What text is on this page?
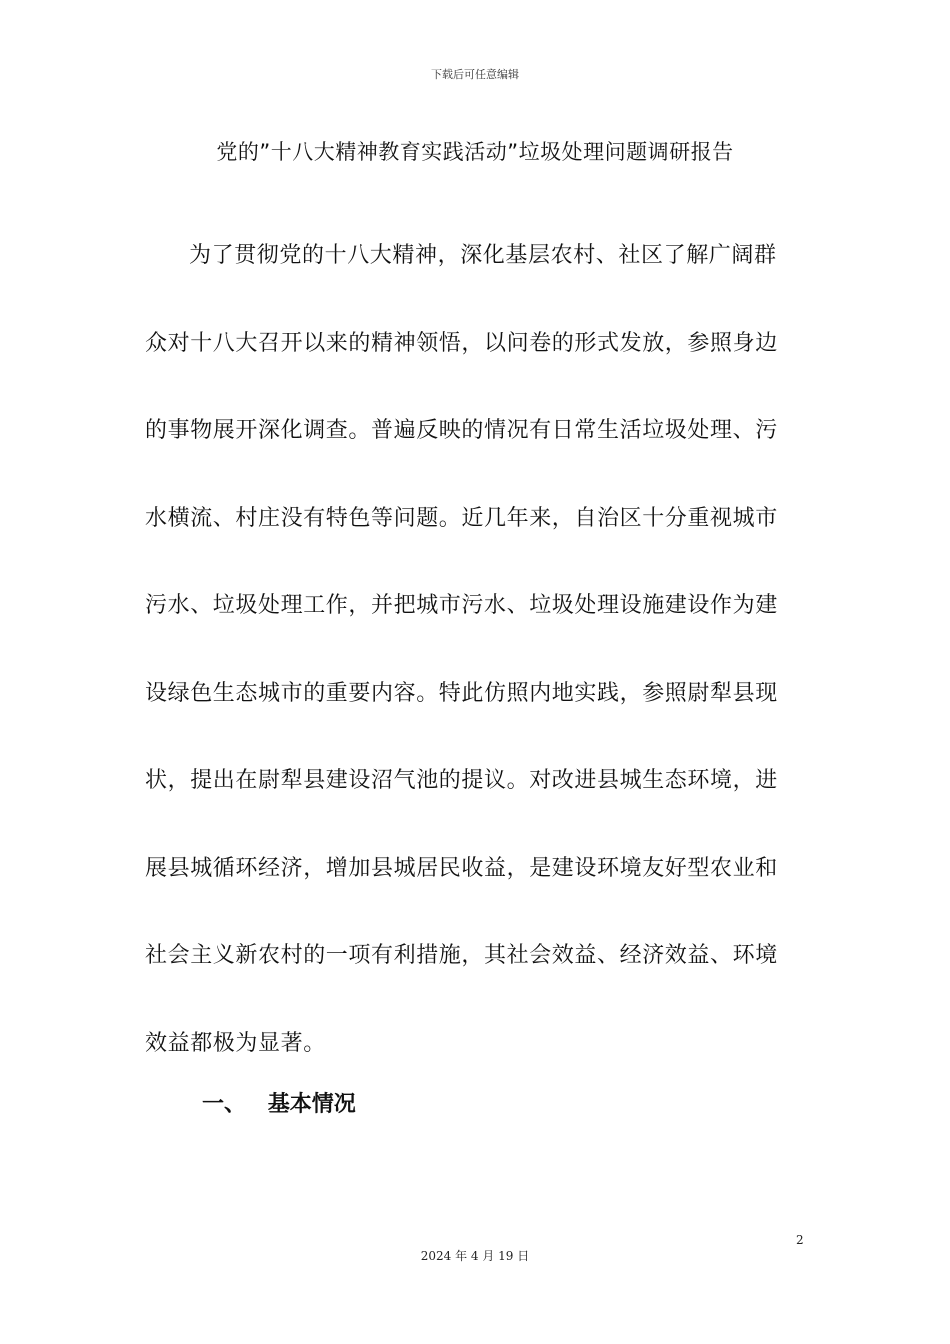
下载后可任意编辑
党的”十八大精神教育实践活动”垃圾处理问题调研报告
为了贯彻党的十八大精神，深化基层农村、社区了解广阔群
众对十八大召开以来的精神领悟，以问卷的形式发放，参照身边
的事物展开深化调查。普遍反映的情况有日常生活垃圾处理、污
水横流、村庄没有特色等问题。近几年来，自治区十分重视城市
污水、垃圾处理工作，并把城市污水、垃圾处理设施建设作为建
设绿色生态城市的重要内容。特此仿照内地实践，参照尉犁县现
状，提出在尉犁县建设沼气池的提议。对改进县城生态环境，进
展县城循环经济，增加县城居民收益，是建设环境友好型农业和
社会主义新农村的一项有利措施，其社会效益、经济效益、环境
效益都极为显著。
一、 基本情况
2
2024 年 4 月 19 日
